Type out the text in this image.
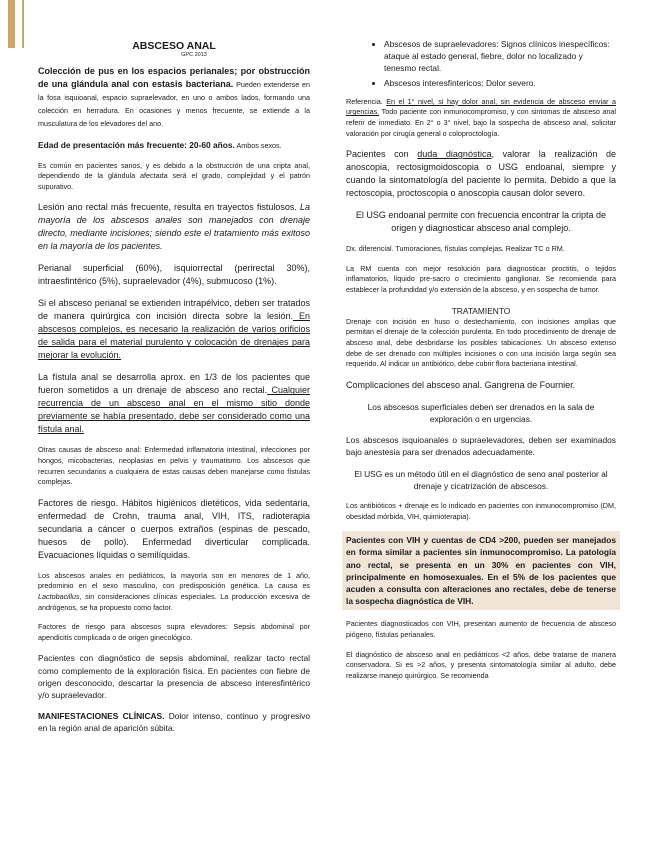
ABSCESO ANAL

GPC 2013

Colección de pus en los espacios perianales; por obstrucción de una glándula anal con estasis bacteriana. Pueden extenderse en la fosa isquioanal, espacio supraelevador, en uno o ambos lados, formando una colección en herradura. En ocasiones y menos frecuente, se extiende a la musculatura de los elevadores del ano.

Edad de presentación más frecuente: 20-60 años. Ambos sexos.

Es común en pacientes sanos, y es debido a la obstrucción de una cripta anal, dependiendo de la glándula afectada será el grado, complejidad y el patrón supurativo.

Lesión ano rectal más frecuente, resulta en trayectos fistulosos. La mayoría de los abscesos anales son manejados con drenaje directo, mediante incisiones; siendo este el tratamiento más exitoso en la mayoría de los pacientes.

Perianal superficial (60%), isquiorrectal (perirectal 30%), intraesfintérico (5%), supraelevador (4%), submucoso (1%).

Si el absceso perianal se extienden intrapélvico, deben ser tratados de manera quirúrgica con incisión directa sobre la lesión. En abscesos complejos, es necesario la realización de varios orificios de salida para el material purulento y colocación de drenajes para mejorar la evolución.

La fístula anal se desarrolla aprox. en 1/3 de los pacientes que fueron sometidos a un drenaje de absceso ano rectal. Cualquier recurrencia de un absceso anal en el mismo sitio donde previamente se había presentado, debe ser considerado como una fístula anal.

Otras causas de absceso anal: Enfermedad inflamatoria intestinal, infecciones por hongos, micobacterias, neoplasias en pelvis y traumatismo. Los abscesos que recurren secundarios a cualquiera de estas causas deben manejarse como fístulas complejas.

Factores de riesgo. Hábitos higiénicos dietéticos, vida sedentaria, enfermedad de Crohn, trauma anal, VIH, ITS, radioterapia secundaria a cáncer o cuerpos extraños (espinas de pescado, huesos de pollo). Enfermedad diverticular complicada. Evacuaciones líquidas o semilíquidas.

Los abscesos anales en pediátricos, la mayoría son en menores de 1 año, predominio en el sexo masculino, con predisposición genética. La causa es Lactobacillus, sin consideraciones clínicas especiales. La producción excesiva de andrógenos, se ha propuesto como factor.

Factores de riesgo para abscesos supra elevadores: Sepsis abdominal por apendicitis complicada o de origen ginecológico.

Pacientes con diagnóstico de sepsis abdominal, realizar tacto rectal como complemento de la exploración física. En pacientes con fiebre de origen desconocido, descartar la presencia de absceso interesfintérico y/o supraelevador.

MANIFESTACIONES CLÍNICAS. Dolor intenso, continuo y progresivo en la región anal de aparición súbita.

• Abscesos de supraelevadores: Signos clínicos inespecíficos: ataque al estado general, fiebre, dolor no localizado y tenesmo rectal.
• Abscesos interesfintericos: Dolor severo.

Referencia. En el 1° nivel, si hay dolor anal, sin evidencia de absceso enviar a urgencias. Todo paciente con inmunocompromiso, y con sintomas de absceso anal referir de inmediato. En 2° o 3° nivel, bajo la sospecha de absceso anal, solicitar valoración por cirugía general o coloproctología.

Pacientes con duda diagnóstica, valorar la realización de anoscopia, rectosigmoidoscopia o USG endoanal, siempre y cuando la sintomatología del paciente lo permita. Debido a que la rectoscopia, proctoscopia o anoscopia causan dolor severo.

El USG endoanal permite con frecuencia encontrar la cripta de origen y diagnosticar absceso anal complejo.

Dx. diferencial. Tumoraciones, fístulas complejas. Realizar TC o RM.

La RM cuenta con mejor resolución para diagnosticar proctitis, o tejidos inflamatorios, líquido pre-sacro o crecimiento ganglionar. Se recomienda para establecer la profundidad y/o extensión de la absceso, y en sospecha de tumor.

TRATAMIENTO

Drenaje con incisión en huso o destechamiento, con incisiones amplias que permitan el drenaje de la colección purulenta. En todo procedimiento de drenaje de absceso anal, debe desbridarse los posibles tabicaciones. Un absceso extenso debe de ser drenado con múltiples incisiones o con una incisión larga según sea requerido. Al indicar un antibiótico, debe cubrir flora bacteriana intestinal.

Complicaciones del absceso anal. Gangrena de Fournier.

Los abscesos superficiales deben ser drenados en la sala de exploración o en urgencias.

Los abscesos isquioanales o supraelevadores, deben ser examinados bajo anestesia para ser drenados adecuadamente.

El USG es un método útil en el diagnóstico de seno anal posterior al drenaje y cicatrización de abscesos.

Los antibióticos + drenaje es lo indicado en pacientes con inmunocompromiso (DM, obesidad mórbida, VIH, quimioterapia).

Pacientes con VIH y cuentas de CD4 >200, pueden ser manejados en forma similar a pacientes sin inmunocompromiso. La patología ano rectal, se presenta en un 30% en pacientes con VIH, principalmente en homosexuales. En el 5% de los pacientes que acuden a consulta con alteraciones ano rectales, debe de tenerse la sospecha diagnóstica de VIH.

Pacientes diagnosticados con VIH, presentan aumento de frecuencia de absceso piógeno, fístulas perianales.

El diagnóstico de absceso anal en pediátricos <2 años, debe tratarse de manera conservadora. Si es >2 años, y presenta sintomatología similar al adulto, debe realizarse manejo quirúrgico. Se recomienda
